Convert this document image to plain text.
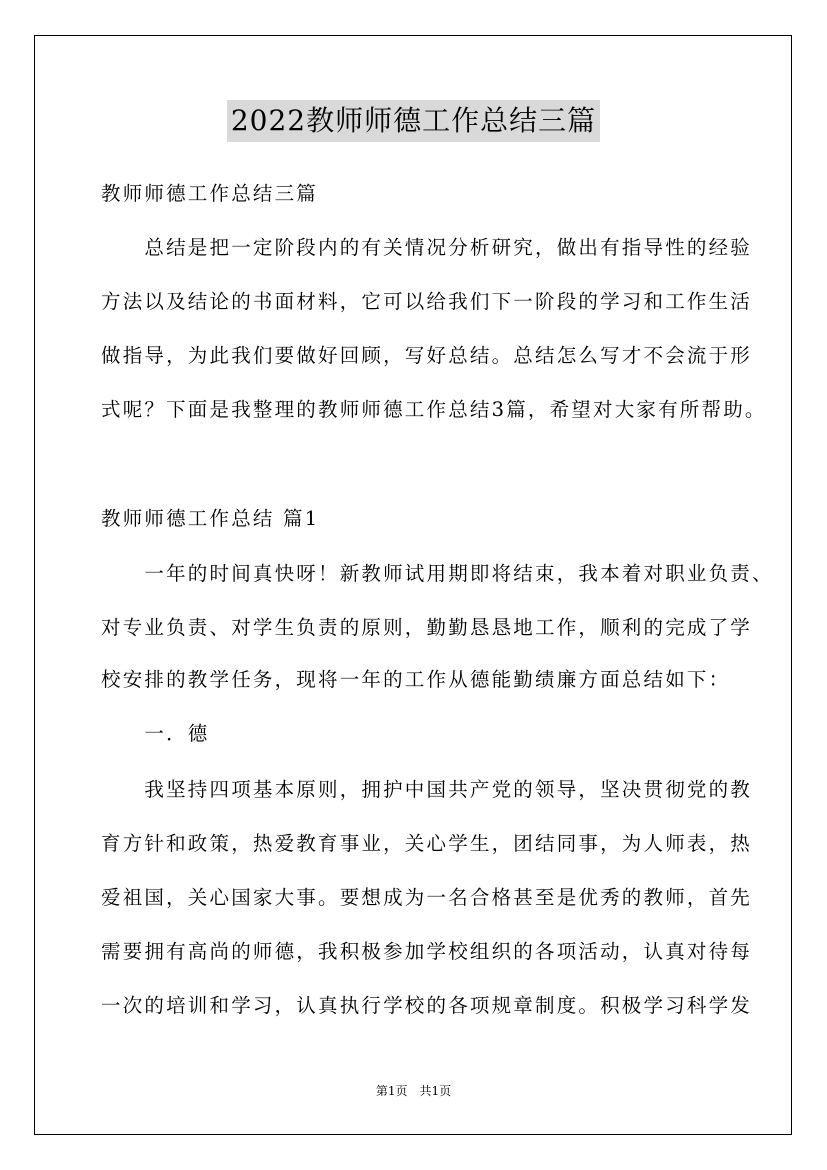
2022教师师德工作总结三篇
教师师德工作总结三篇
　　总结是把一定阶段内的有关情况分析研究，做出有指导性的经验
方法以及结论的书面材料，它可以给我们下一阶段的学习和工作生活
做指导，为此我们要做好回顾，写好总结。总结怎么写才不会流于形
式呢？下面是我整理的教师师德工作总结3篇，希望对大家有所帮助。
教师师德工作总结 篇1
　　一年的时间真快呀！新教师试用期即将结束，我本着对职业负责、
对专业负责、对学生负责的原则，勤勤恳恳地工作，顺利的完成了学
校安排的教学任务，现将一年的工作从德能勤绩廉方面总结如下：
　　一．德
　　我坚持四项基本原则，拥护中国共产党的领导，坚决贯彻党的教
育方针和政策，热爱教育事业，关心学生，团结同事，为人师表，热
爱祖国，关心国家大事。要想成为一名合格甚至是优秀的教师，首先
需要拥有高尚的师德，我积极参加学校组织的各项活动，认真对待每
一次的培训和学习，认真执行学校的各项规章制度。积极学习科学发
第1页　共1页
